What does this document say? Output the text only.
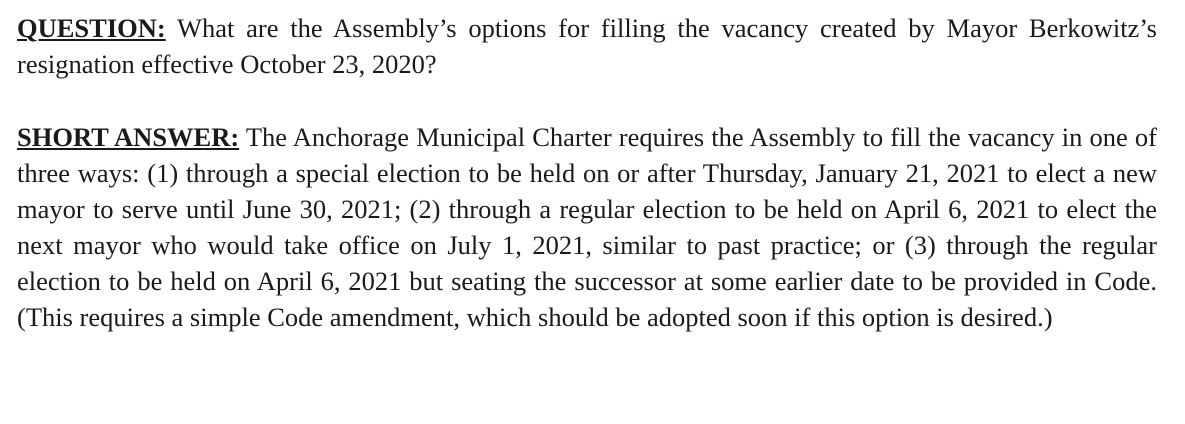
QUESTION: What are the Assembly’s options for filling the vacancy created by Mayor Berkowitz’s resignation effective October 23, 2020?

SHORT ANSWER: The Anchorage Municipal Charter requires the Assembly to fill the vacancy in one of three ways: (1) through a special election to be held on or after Thursday, January 21, 2021 to elect a new mayor to serve until June 30, 2021; (2) through a regular election to be held on April 6, 2021 to elect the next mayor who would take office on July 1, 2021, similar to past practice; or (3) through the regular election to be held on April 6, 2021 but seating the successor at some earlier date to be provided in Code. (This requires a simple Code amendment, which should be adopted soon if this option is desired.)
